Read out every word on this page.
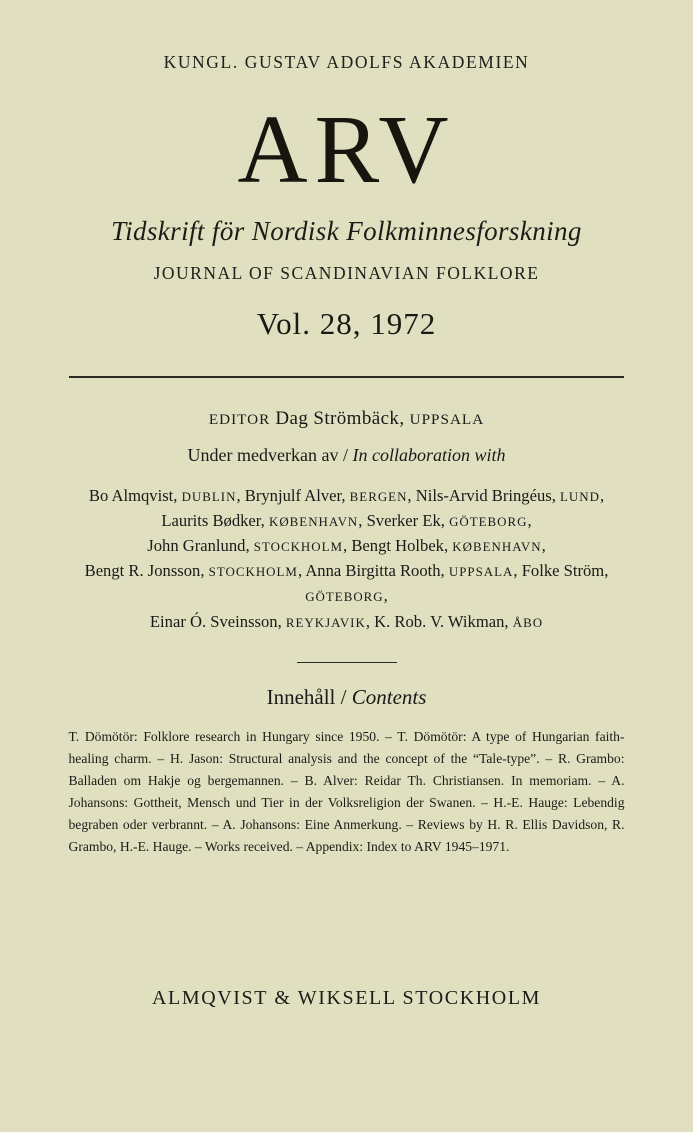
KUNGL. GUSTAV ADOLFS AKADEMIEN
ARV
Tidskrift för Nordisk Folkminnesforskning
JOURNAL OF SCANDINAVIAN FOLKLORE
Vol. 28, 1972
EDITOR Dag Strömbäck, UPPSALA
Under medverkan av / In collaboration with
Bo Almqvist, DUBLIN, Brynjulf Alver, BERGEN, Nils-Arvid Bringéus, LUND,
Laurits Bødker, KØBENHAVN, Sverker Ek, GÖTEBORG,
John Granlund, STOCKHOLM, Bengt Holbek, KØBENHAVN,
Bengt R. Jonsson, STOCKHOLM, Anna Birgitta Rooth, UPPSALA, Folke Ström, GÖTEBORG,
Einar Ó. Sveinsson, REYKJAVIK, K. Rob. V. Wikman, ÅBO
Innehåll / Contents
T. Dömötör: Folklore research in Hungary since 1950. – T. Dömötör: A type of Hungarian faith-healing charm. – H. Jason: Structural analysis and the concept of the “Tale-type”. – R. Grambo: Balladen om Hakje og bergemannen. – B. Alver: Reidar Th. Christiansen. In memoriam. – A. Johansons: Gottheit, Mensch und Tier in der Volksreligion der Swanen. – H.-E. Hauge: Lebendig begraben oder verbrannt. – A. Johansons: Eine Anmerkung. – Reviews by H. R. Ellis Davidson, R. Grambo, H.-E. Hauge. – Works received. – Appendix: Index to ARV 1945–1971.
ALMQVIST & WIKSELL STOCKHOLM
